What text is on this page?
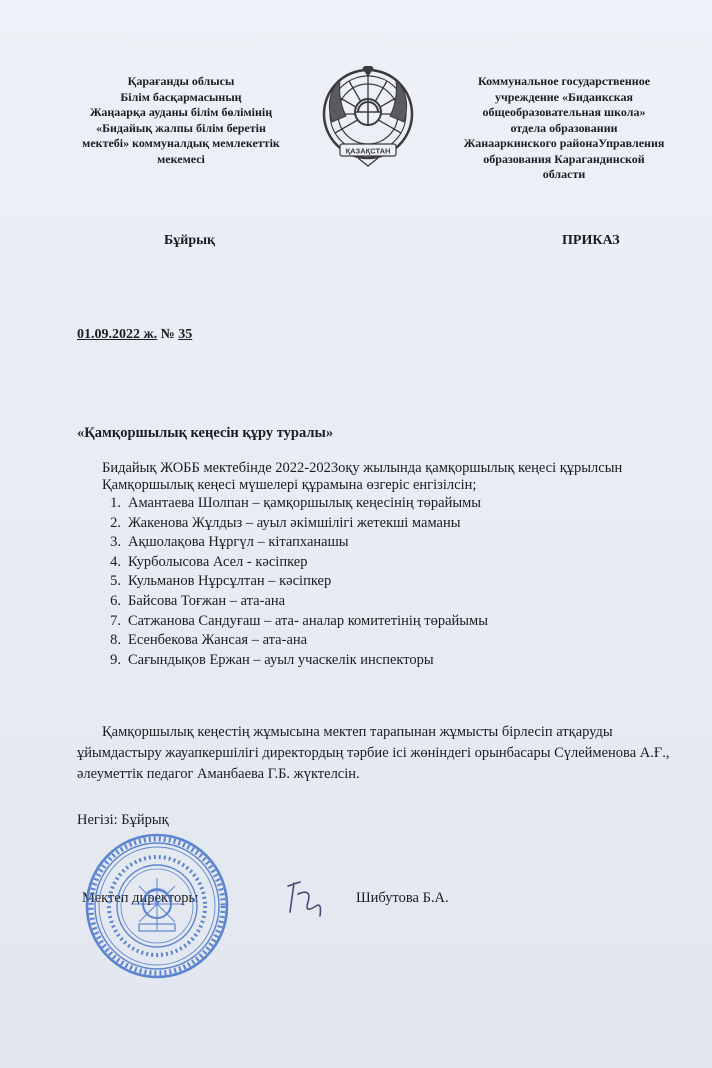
Қарағанды облысы
Білім басқармасының
Жаңаарқа ауданы білім бөлімінің
«Бидайық жалпы білім беретін
мектебі» коммуналдық мемлекеттік
мекемесі
ҚАЗАҚСТАН
Коммунальное государственное
учреждение «Бидаикская
общеобразовательная школа»
отдела образовании
Жанааркинского районаУправления
образования Карагандинской
области
Бұйрық	ПРИКАЗ
01.09.2022 ж. № 35
«Қамқоршылық кеңесін құру туралы»

Бидайық ЖОББ мектебінде 2022-2023оқу жылында қамқоршылық кеңесі құрылсын

Қамқоршылық кеңесі мүшелері құрамына өзгеріс енгізілсін;

1. Амантаева Шолпан – қамқоршылық кеңесінің төрайымы
2. Жакенова Жұлдыз – ауыл әкімшілігі жетекші маманы
3. Ақшолақова Нұргүл – кітапханашы
4. Курболысова Асел - кәсіпкер
5. Кульманов Нұрсұлтан – кәсіпкер
6. Байсова Тоғжан – ата-ана
7. Сатжанова Сандуғаш – ата- аналар комитетінің төрайымы
8. Есенбекова Жансая – ата-ана
9. Сағындықов Ержан – ауыл учаскелік инспекторы

Қамқоршылық кеңестің жұмысына мектеп тарапынан жұмысты бірлесіп атқаруды ұйымдастыру жауапкершілігі директордың тәрбие ісі жөніндегі орынбасары Сүлейменова А.Ғ., әлеуметтік педагог Аманбаева Г.Б. жүктелсін.

Негізі: Бұйрық
Мектеп директоры	Шибутова Б.А.
